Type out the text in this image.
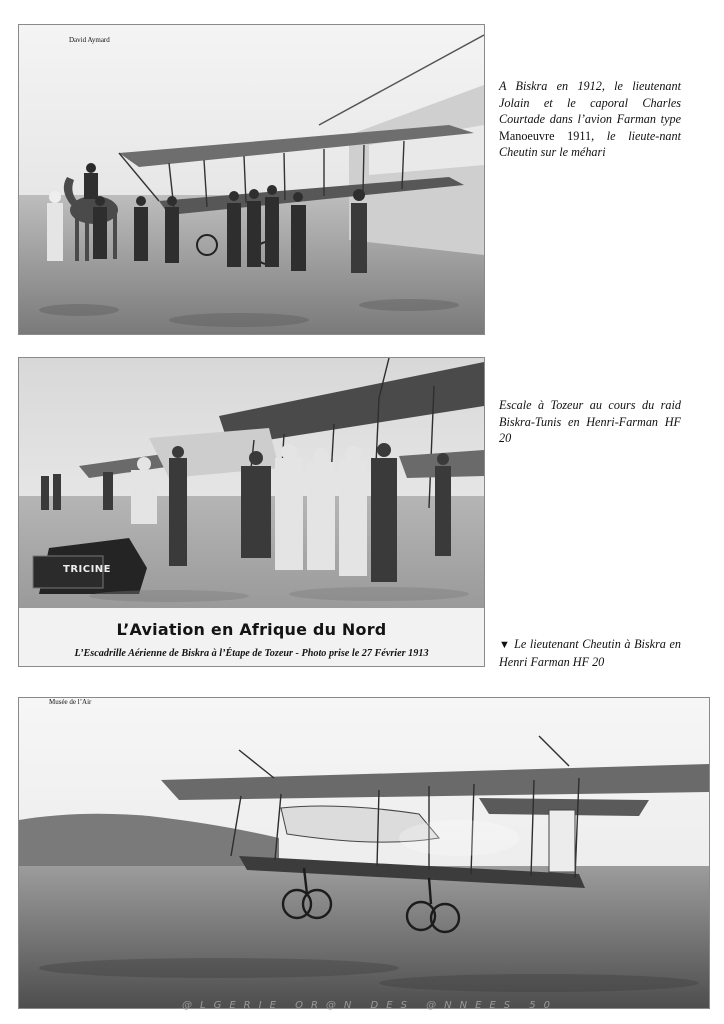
David Aymard
A Biskra en 1912, le lieutenant Jolain et le caporal Charles Courtade dans l’avion Farman type Manoeuvre 1911, le lieute-nant Cheutin sur le méhari
TRICINE
L’Aviation en Afrique du Nord
L’Escadrille Aérienne de Biskra à l’Étape de Tozeur - Photo prise le 27 Février 1913
Escale à Tozeur au cours du raid Biskra-Tunis en Henri-Farman HF 20
▼ Le lieutenant Cheutin à Biskra en Henri Farman HF 20
Musée de l’Air
@LGERIE OR@N DES @NNEES 50
